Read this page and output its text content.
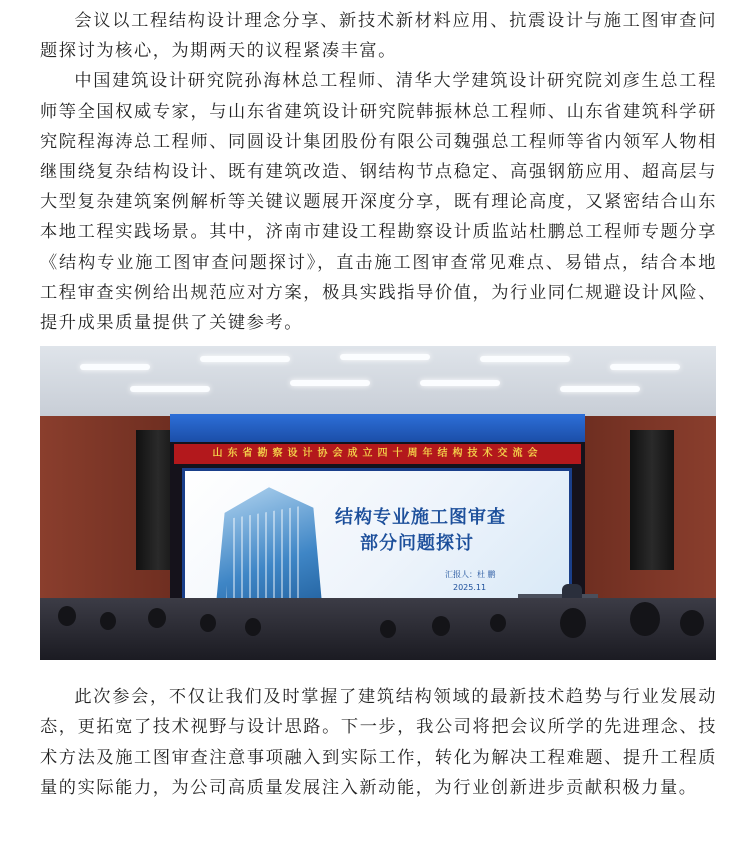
会议以工程结构设计理念分享、新技术新材料应用、抗震设计与施工图审查问题探讨为核心，为期两天的议程紧凑丰富。

中国建筑设计研究院孙海林总工程师、清华大学建筑设计研究院刘彦生总工程师等全国权威专家，与山东省建筑设计研究院韩振林总工程师、山东省建筑科学研究院程海涛总工程师、同圆设计集团股份有限公司魏强总工程师等省内领军人物相继围绕复杂结构设计、既有建筑改造、钢结构节点稳定、高强钢筋应用、超高层与大型复杂建筑案例解析等关键议题展开深度分享，既有理论高度，又紧密结合山东本地工程实践场景。其中，济南市建设工程勘察设计质监站杜鹏总工程师专题分享《结构专业施工图审查问题探讨》，直击施工图审查常见难点、易错点，结合本地工程审查实例给出规范应对方案，极具实践指导价值，为行业同仁规避设计风险、提升成果质量提供了关键参考。

山东省勘察设计协会成立四十周年结构技术交流会
结构专业施工图审查
部分问题探讨
汇报人：杜 鹏
2025.11

此次参会，不仅让我们及时掌握了建筑结构领域的最新技术趋势与行业发展动态，更拓宽了技术视野与设计思路。下一步，我公司将把会议所学的先进理念、技术方法及施工图审查注意事项融入到实际工作，转化为解决工程难题、提升工程质量的实际能力，为公司高质量发展注入新动能，为行业创新进步贡献积极力量。
